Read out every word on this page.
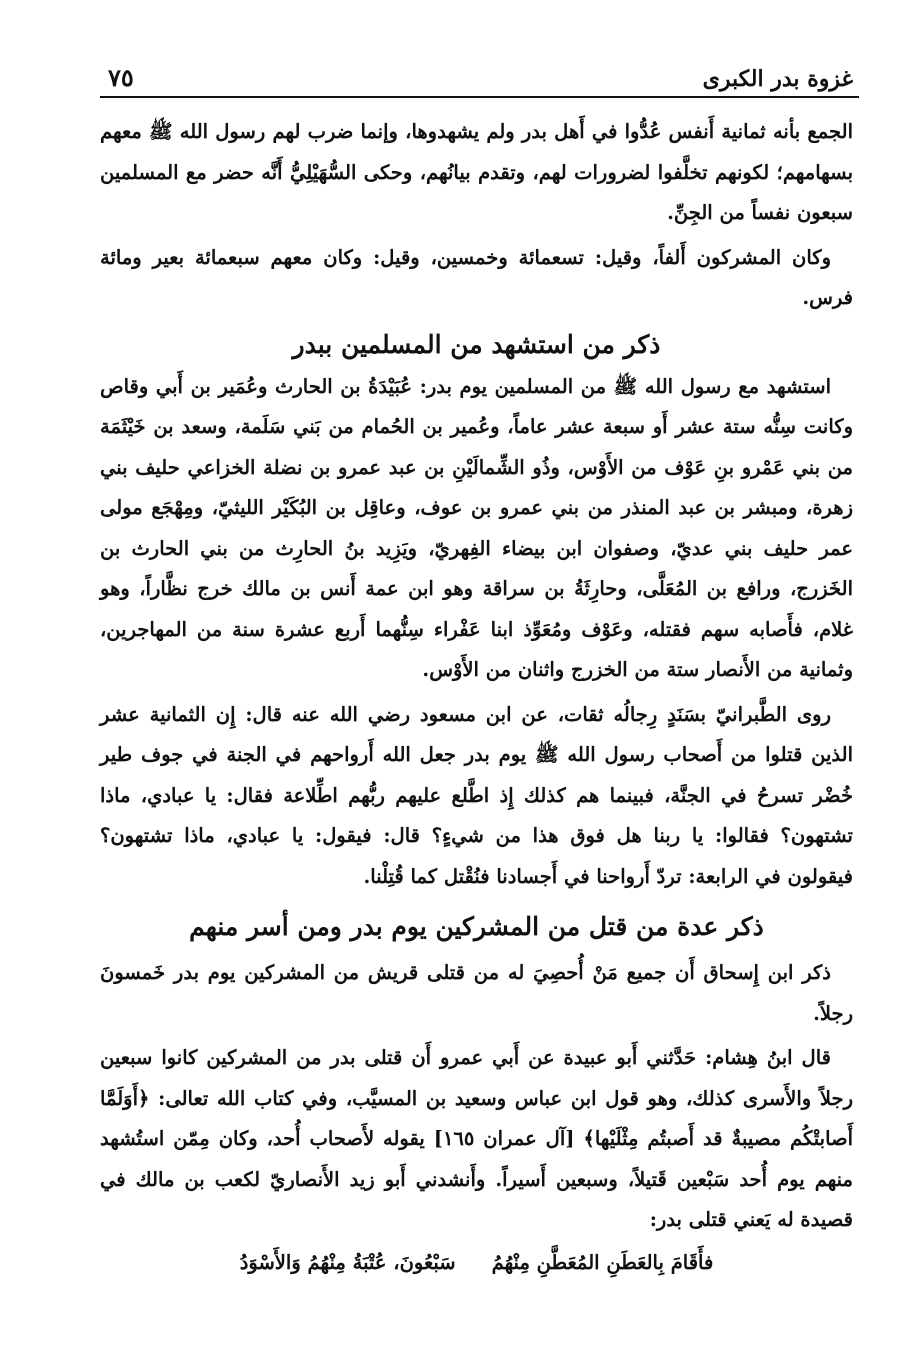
غزوة بدر الكبرى
٧٥

الجمع بأنه ثمانية أَنفس عُدُّوا في أَهل بدر ولم يشهدوها، وإنما ضرب لهم رسول الله ﷺ معهم بسهامهم؛ لكونهم تخلَّفوا لضرورات لهم، وتقدم بيانُهم، وحكى السُّهَيْلِيُّ أَنَّه حضر مع المسلمين سبعون نفساً من الجِنِّ.

وكان المشركون أَلفاً، وقيل: تسعمائة وخمسين، وقيل: وكان معهم سبعمائة بعير ومائة فرس.

ذكر من استشهد من المسلمين ببدر

استشهد مع رسول الله ﷺ من المسلمين يوم بدر: عُبَيْدَةُ بن الحارث وعُمَير بن أَبي وقاص وكانت سِنُّه ستة عشر أَو سبعة عشر عاماً، وعُمير بن الحُمام من بَني سَلَمة، وسعد بن خَيْثَمَة من بني عَمْرو بنِ عَوْف من الأَوْس، وذُو الشِّمالَيْنِ بن عبد عمرو بن نضلة الخزاعي حليف بني زهرة، ومبشر بن عبد المنذر من بني عمرو بن عوف، وعاقِل بن البُكَيْر الليثيّ، ومِهْجَع مولى عمر حليف بني عديّ، وصفوان ابن بيضاء الفِهريّ، ويَزِيد بنُ الحارِث من بني الحارث بن الخَزرج، ورافع بن المُعَلَّى، وحارِثَةُ بن سراقة وهو ابن عمة أَنس بن مالك خرج نظَّاراً، وهو غلام، فأَصابه سهم فقتله، وعَوْف ومُعَوِّذ ابنا عَفْراء سِنُّهما أَربع عشرة سنة من المهاجرين، وثمانية من الأَنصار ستة من الخزرج واثنان من الأَوْس.

روى الطَّبرانيّ بسَنَدٍ رِجالُه ثقات، عن ابن مسعود رضي الله عنه قال: إِن الثمانية عشر الذين قتلوا من أَصحاب رسول الله ﷺ يوم بدر جعل الله أَرواحهم في الجنة في جوف طير خُضْر تسرحُ في الجنَّة، فبينما هم كذلك إِذ اطَّلع عليهم ربُّهم اطِّلاعة فقال: يا عبادي، ماذا تشتهون؟ فقالوا: يا ربنا هل فوق هذا من شيءٍ؟ قال: فيقول: يا عبادي، ماذا تشتهون؟ فيقولون في الرابعة: تردّ أَرواحنا في أَجسادنا فنُقْتل كما قُتِلْنا.

ذكر عدة من قتل من المشركين يوم بدر ومن أسر منهم

ذكر ابن إِسحاق أَن جميع مَنْ أُحصِيَ له من قتلى قريش من المشركين يوم بدر خَمسونَ رجلاً.

قال ابنُ هِشام: حَدَّثني أَبو عبيدة عن أَبي عمرو أَن قتلى بدر من المشركين كانوا سبعين رجلاً والأَسرى كذلك، وهو قول ابن عباس وسعيد بن المسيَّب، وفي كتاب الله تعالى: ﴿أَوَلَمَّا أَصابتْكُم مصيبةٌ قد أَصبتُم مِثْلَيْها﴾ [آل عمران ١٦٥] يقوله لأَصحاب أُحد، وكان مِمّن استُشهد منهم يوم أُحد سَبْعين قَتيلاً، وسبعين أَسيراً. وأَنشدني أَبو زيد الأَنصاريّ لكعب بن مالك في قصيدة له يَعني قتلى بدر:

فأَقَامَ بِالعَطَنِ المُعَطَّنِ مِنْهُمُ
سَبْعُونَ، عُتْبَةُ مِنْهُمُ وَالأَسْوَدُ
